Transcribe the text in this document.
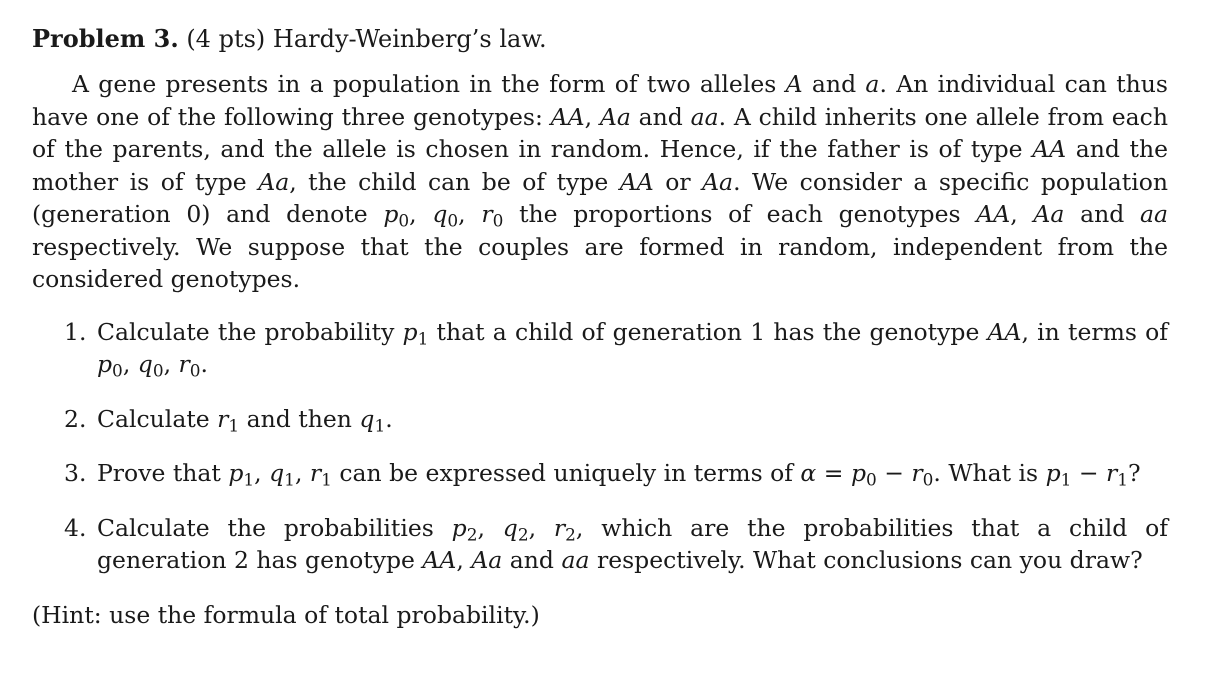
Problem 3. (4 pts) Hardy-Weinberg’s law.

A gene presents in a population in the form of two alleles A and a. An individual can thus have one of the following three genotypes: AA, Aa and aa. A child inherits one allele from each of the parents, and the allele is chosen in random. Hence, if the father is of type AA and the mother is of type Aa, the child can be of type AA or Aa. We consider a specific population (generation 0) and denote $p_0$, $q_0$, $r_0$ the proportions of each genotypes AA, Aa and aa respectively. We suppose that the couples are formed in random, independent from the considered genotypes.

1. Calculate the probability $p_1$ that a child of generation 1 has the genotype AA, in terms of $p_0$, $q_0$, $r_0$.
2. Calculate $r_1$ and then $q_1$.
3. Prove that $p_1$, $q_1$, $r_1$ can be expressed uniquely in terms of $\alpha = p_0 - r_0$. What is $p_1 - r_1$?
4. Calculate the probabilities $p_2$, $q_2$, $r_2$, which are the probabilities that a child of generation 2 has genotype AA, Aa and aa respectively. What conclusions can you draw?

(Hint: use the formula of total probability.)
